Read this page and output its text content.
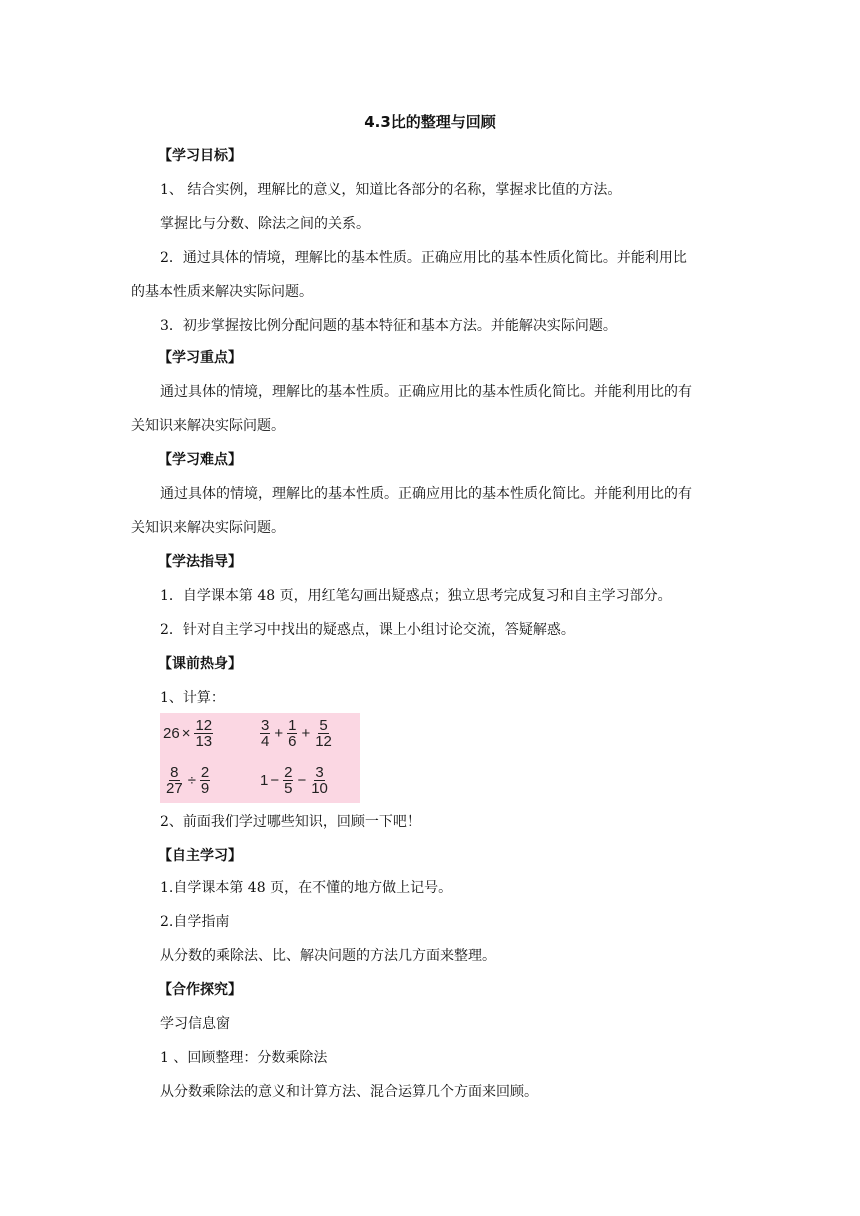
4.3比的整理与回顾
【学习目标】
1、 结合实例，理解比的意义，知道比各部分的名称，掌握求比值的方法。
掌握比与分数、除法之间的关系。
2．通过具体的情境，理解比的基本性质。正确应用比的基本性质化简比。并能利用比
的基本性质来解决实际问题。
3．初步掌握按比例分配问题的基本特征和基本方法。并能解决实际问题。
【学习重点】
通过具体的情境，理解比的基本性质。正确应用比的基本性质化简比。并能利用比的有
关知识来解决实际问题。
【学习难点】
通过具体的情境，理解比的基本性质。正确应用比的基本性质化简比。并能利用比的有
关知识来解决实际问题。
【学法指导】
1．自学课本第 48 页，用红笔勾画出疑惑点；独立思考完成复习和自主学习部分。
2．针对自主学习中找出的疑惑点，课上小组讨论交流，答疑解惑。
【课前热身】
1、计算：
$26 \times \frac{12}{13}$	$\frac{3}{4} + \frac{1}{6} + \frac{5}{12}$
$\frac{8}{27} \div \frac{2}{9}$	$1 - \frac{2}{5} - \frac{3}{10}$
2、前面我们学过哪些知识，回顾一下吧！
【自主学习】
1.自学课本第 48 页，在不懂的地方做上记号。
2.自学指南
从分数的乘除法、比、解决问题的方法几方面来整理。
【合作探究】
学习信息窗
1 、回顾整理：分数乘除法
从分数乘除法的意义和计算方法、混合运算几个方面来回顾。
